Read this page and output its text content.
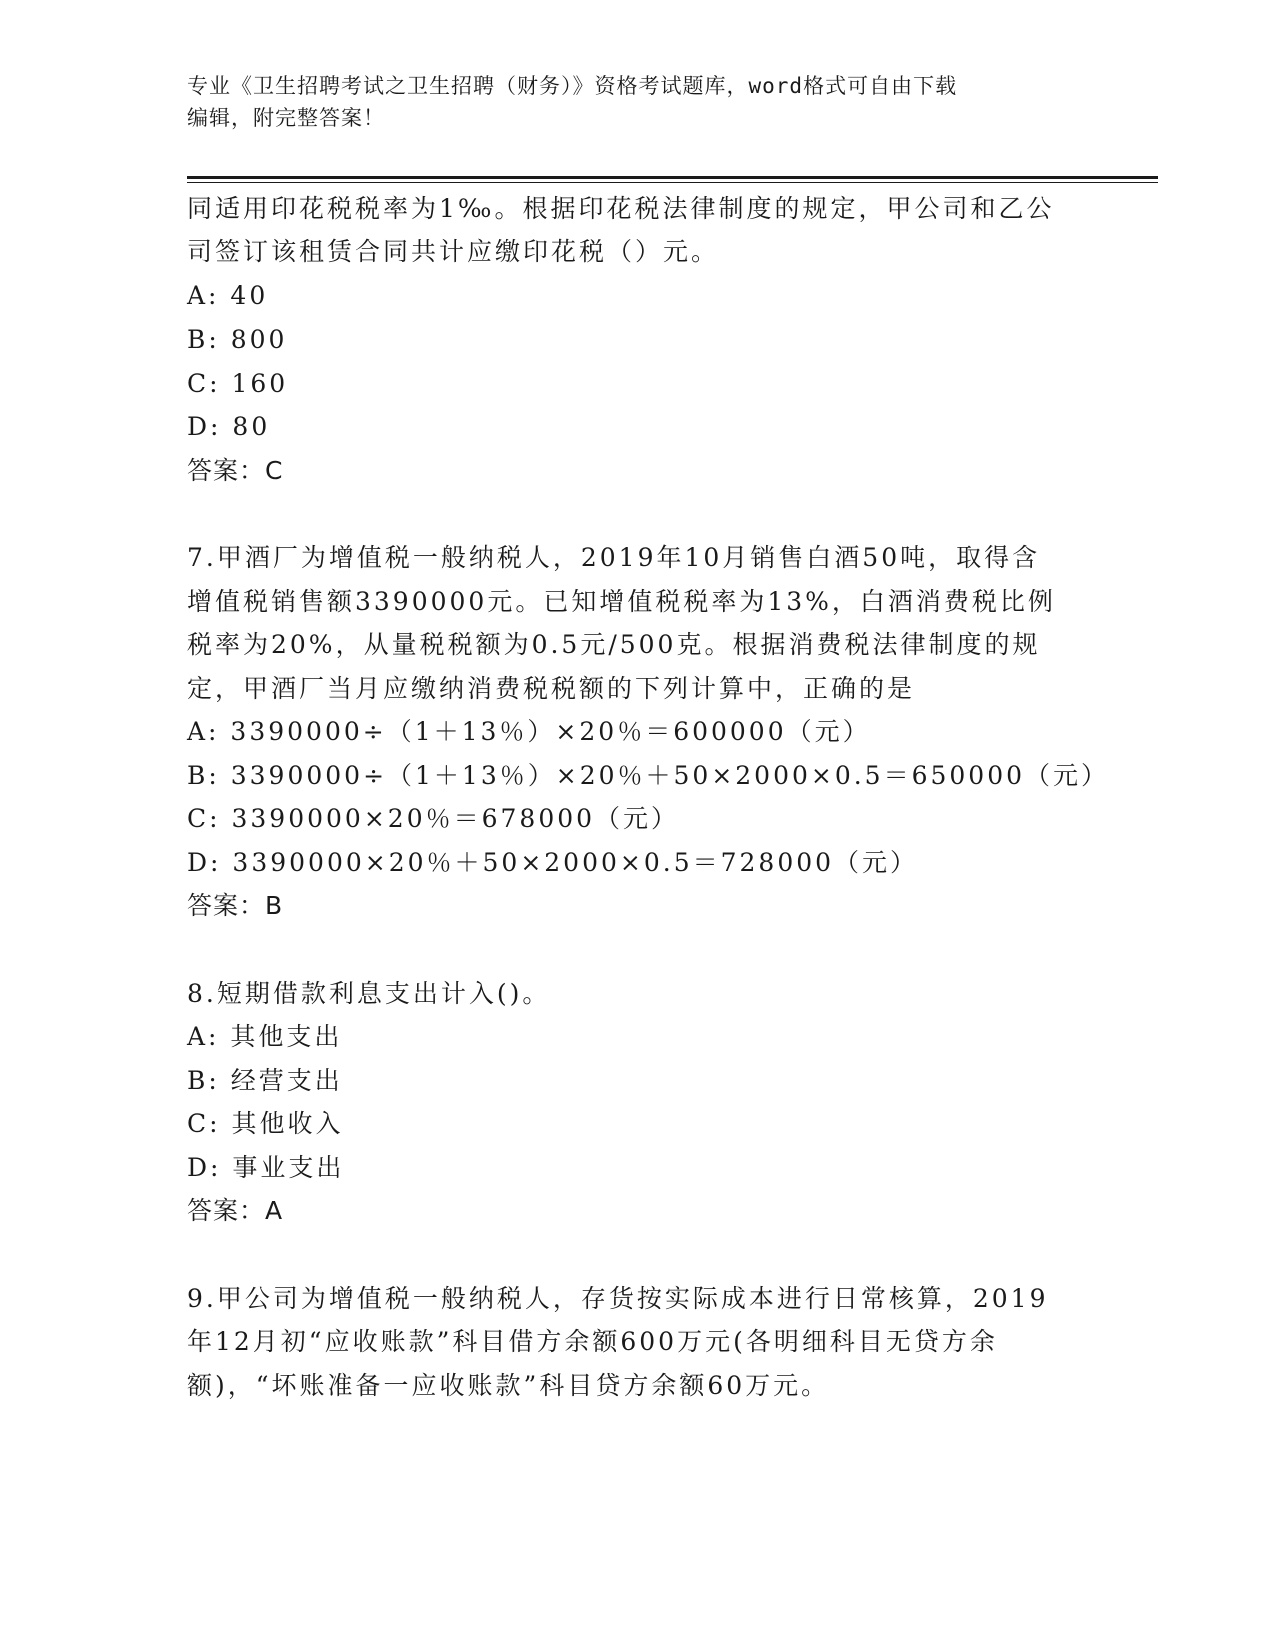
专业《卫生招聘考试之卫生招聘（财务）》资格考试题库，word格式可自由下载
编辑，附完整答案！
同适用印花税税率为1‰。根据印花税法律制度的规定，甲公司和乙公
司签订该租赁合同共计应缴印花税（）元。
A: 40
B: 800
C: 160
D: 80
答案：C
7.甲酒厂为增值税一般纳税人，2019年10月销售白酒50吨，取得含
增值税销售额3390000元。已知增值税税率为13%，白酒消费税比例
税率为20%，从量税税额为0.5元/500克。根据消费税法律制度的规
定，甲酒厂当月应缴纳消费税税额的下列计算中，正确的是
A: 3390000÷（1＋13％）×20％＝600000（元）
B: 3390000÷（1＋13％）×20％＋50×2000×0.5＝650000（元）
C: 3390000×20％＝678000（元）
D: 3390000×20％＋50×2000×0.5＝728000（元）
答案：B
8.短期借款利息支出计入()。
A: 其他支出
B: 经营支出
C: 其他收入
D: 事业支出
答案：A
9.甲公司为增值税一般纳税人，存货按实际成本进行日常核算，2019
年12月初“应收账款”科目借方余额600万元(各明细科目无贷方余
额)，“坏账准备一应收账款”科目贷方余额60万元。
